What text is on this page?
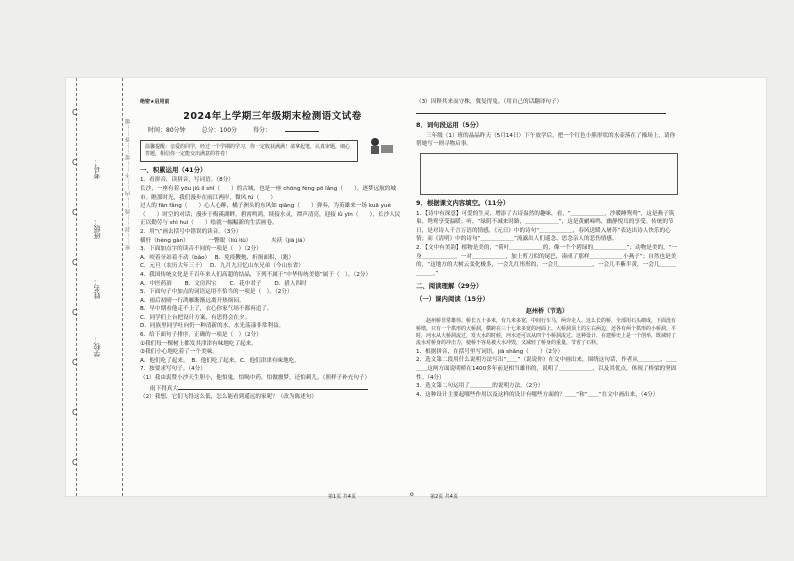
C
C
C
C
C
C
C
C
密……封……线……内……不……要……答……题
学校：
姓名：
班级：
考号：
绝密★启用前
2024年上学期三年级期末检测语文试卷
时间：80分钟	总分：100分	得分：
温馨提醒：亲爱的同学，经过一个学期的学习，你一定收获满满！请拿起笔，认真审题，细心答题，相信你一定能交出满意的答卷！
一、积累运用（41分）

1．看拼音，读拼音，写词语。（8分）

长沙，一座有着 yōu jiǔ lì shǐ（　　）的古城，也是一座 chōng fèng pō lǎng（　　），逐梦远航的城市。瞧那时光，我们漫步在雨江两岸，微风 fú（　　）

过人的 fān fǎng（　　）心人心醉，橘子洲头的东风如 qiāng（　　）弹奏，为英雄来一场 kuā yuè（　　）时空的对话；漫步于梅溪湖畔，碧霄鸣鸿，续接水灵，潭声清亮，迎接 lǜ yīn（　　），长沙人民正以勤劳与 shì huì（　　）绘就一幅幅新的生活画卷。

2．用“\”画去括号中错误的读音。（3分）

横杆（héng gàn）　　　　一瞥眼（liú liù）　　　　夹袄（jiā jiá）

3．下面加点字的读音不同的一项是（　）（2分）

A．咬着牙站着不动（bǎo）　 B．免疫鞭炮、折损面积、（跑）
C．元旦（农历大年三十）　 D．九月九日忆山东兄弟（今山东省）

4．我国传统文化是千百年来人们高超的结晶，下列不属于“中华传统美德”属于（　）。（2分）

A．中医药浴　　 B．文房四宝　　 C．花中君子　　 D．猎人四时

5．下面句子中加点的词语运用不恰当的一项是（　）。（2分）

A．雨后初晴一行鸿雁渐渐远离开热烦闷。

B．早中期看他走不上了，衣心你家气场不都再追了。

C．同学们上台把设计方案，有思得会在夕。

D．同族里同学吐向仍一种清新的水，水光荡漾非常利益。

6．给下面句子排序，正确的一项是（　）（2分）

①我们每一棵树上都发其津津有味地吃了起来。

②我们小心地吃着了一个美味。

A．他们吃了起来。　B．他们吃了起来。C．他们津津有味地吃。

7．按要求写句子。（4分）

（1）我由衷赞小沙天生胆小，他怕鬼，怕喝中药，怕做噩梦，还怕刺儿。（照样子补充句子）

雨下得真大

（2）我想，它们飞得这么低，怎么能看到遥远的家呢？（改为陈述句）

（3）因释其来而守株，冀复得兔。（用自己的话翻译句子）

8．词句段运用（5分）

三年级（1）班的晶晶昨天（5月14日）下午放学后，把一个红色小熊形状的水壶落在了操场上，请你帮她写一则寻物启事。

9．根据课文内容填空。（11分）

1．【诗中有深意】可爱的生灵，增添了古诗盎然的趣味，看，“＿＿＿＿＿＿，沙暖睡鸳鸯”，这是燕子筑巢、鸳鸯享受温暖；听，“绿阴不减来时路，＿＿＿＿＿＿”，这是黄鹂啼鸣，幽静悦耳的享受。传统的节日，是对诗人千言万语的情感，《元日》中的诗句“＿＿＿＿＿＿，春风送暖入屠苏”表达出诗人快乐的心情；而《清明》中的诗句“＿＿＿＿＿＿”流露出人们遥念、思念亲人的悲伤情感。

2．【文中有美韵】植物是美的，“荷叶＿＿＿＿＿＿的，像一个个碧绿的＿＿＿＿＿＿”；动物是美的，“一身＿＿＿＿＿＿，一对＿＿＿＿＿＿，加上剪刀似的尾巴，凑成了那样＿＿＿＿＿＿小燕子”；自然也是美的，“这地方的大树云变化极多，一会儿红彤彤的，一会儿＿＿＿＿＿＿，一会儿半紫半黄，一会儿＿＿＿＿＿＿。”

二、阅读理解（29分）
（一）课内阅读（15分）
赵州桥（节选）

赵州桥非常雄伟。桥长五十多米，有九米多宽，中间行车马，两旁走人。这么长的桥，全部用石头砌成，下面没有桥墩，只有一个拱形的大桥洞，横跨在三十七米多宽的河面上。大桥洞顶上的左右两边，还各有两个拱形的小桥洞。平时，河水从大桥洞流过，发大水的时候，河水还可以从四个小桥洞流过。这种设计，在建桥史上是一个创举，既减轻了流水对桥身的冲击力，使桥不容易被大水冲毁，又减轻了桥身的重量，节省了石料。

1．根据拼音，在括号里写词语。jiā shǎng（　　）（2分）

2．选文第二段用什么说明方法写出“＿＿”（说说你）在文中画出来，围绕这句话，作者从＿＿＿＿、＿＿＿＿这两方面说明桥在1400多年前是相当雄伟的，说明了＿＿＿＿＿＿，以及其优点，体现了桥梁的坚固性。（4分）

3．选文第二句运用了＿＿＿＿的说明方法。（2分）

4．这种设计主要起哪些作用以及这样的设计有哪些方面的？＿＿”和“＿＿”在文中画出来。（4分）

第1页 共4页	o	第2页 共4页
